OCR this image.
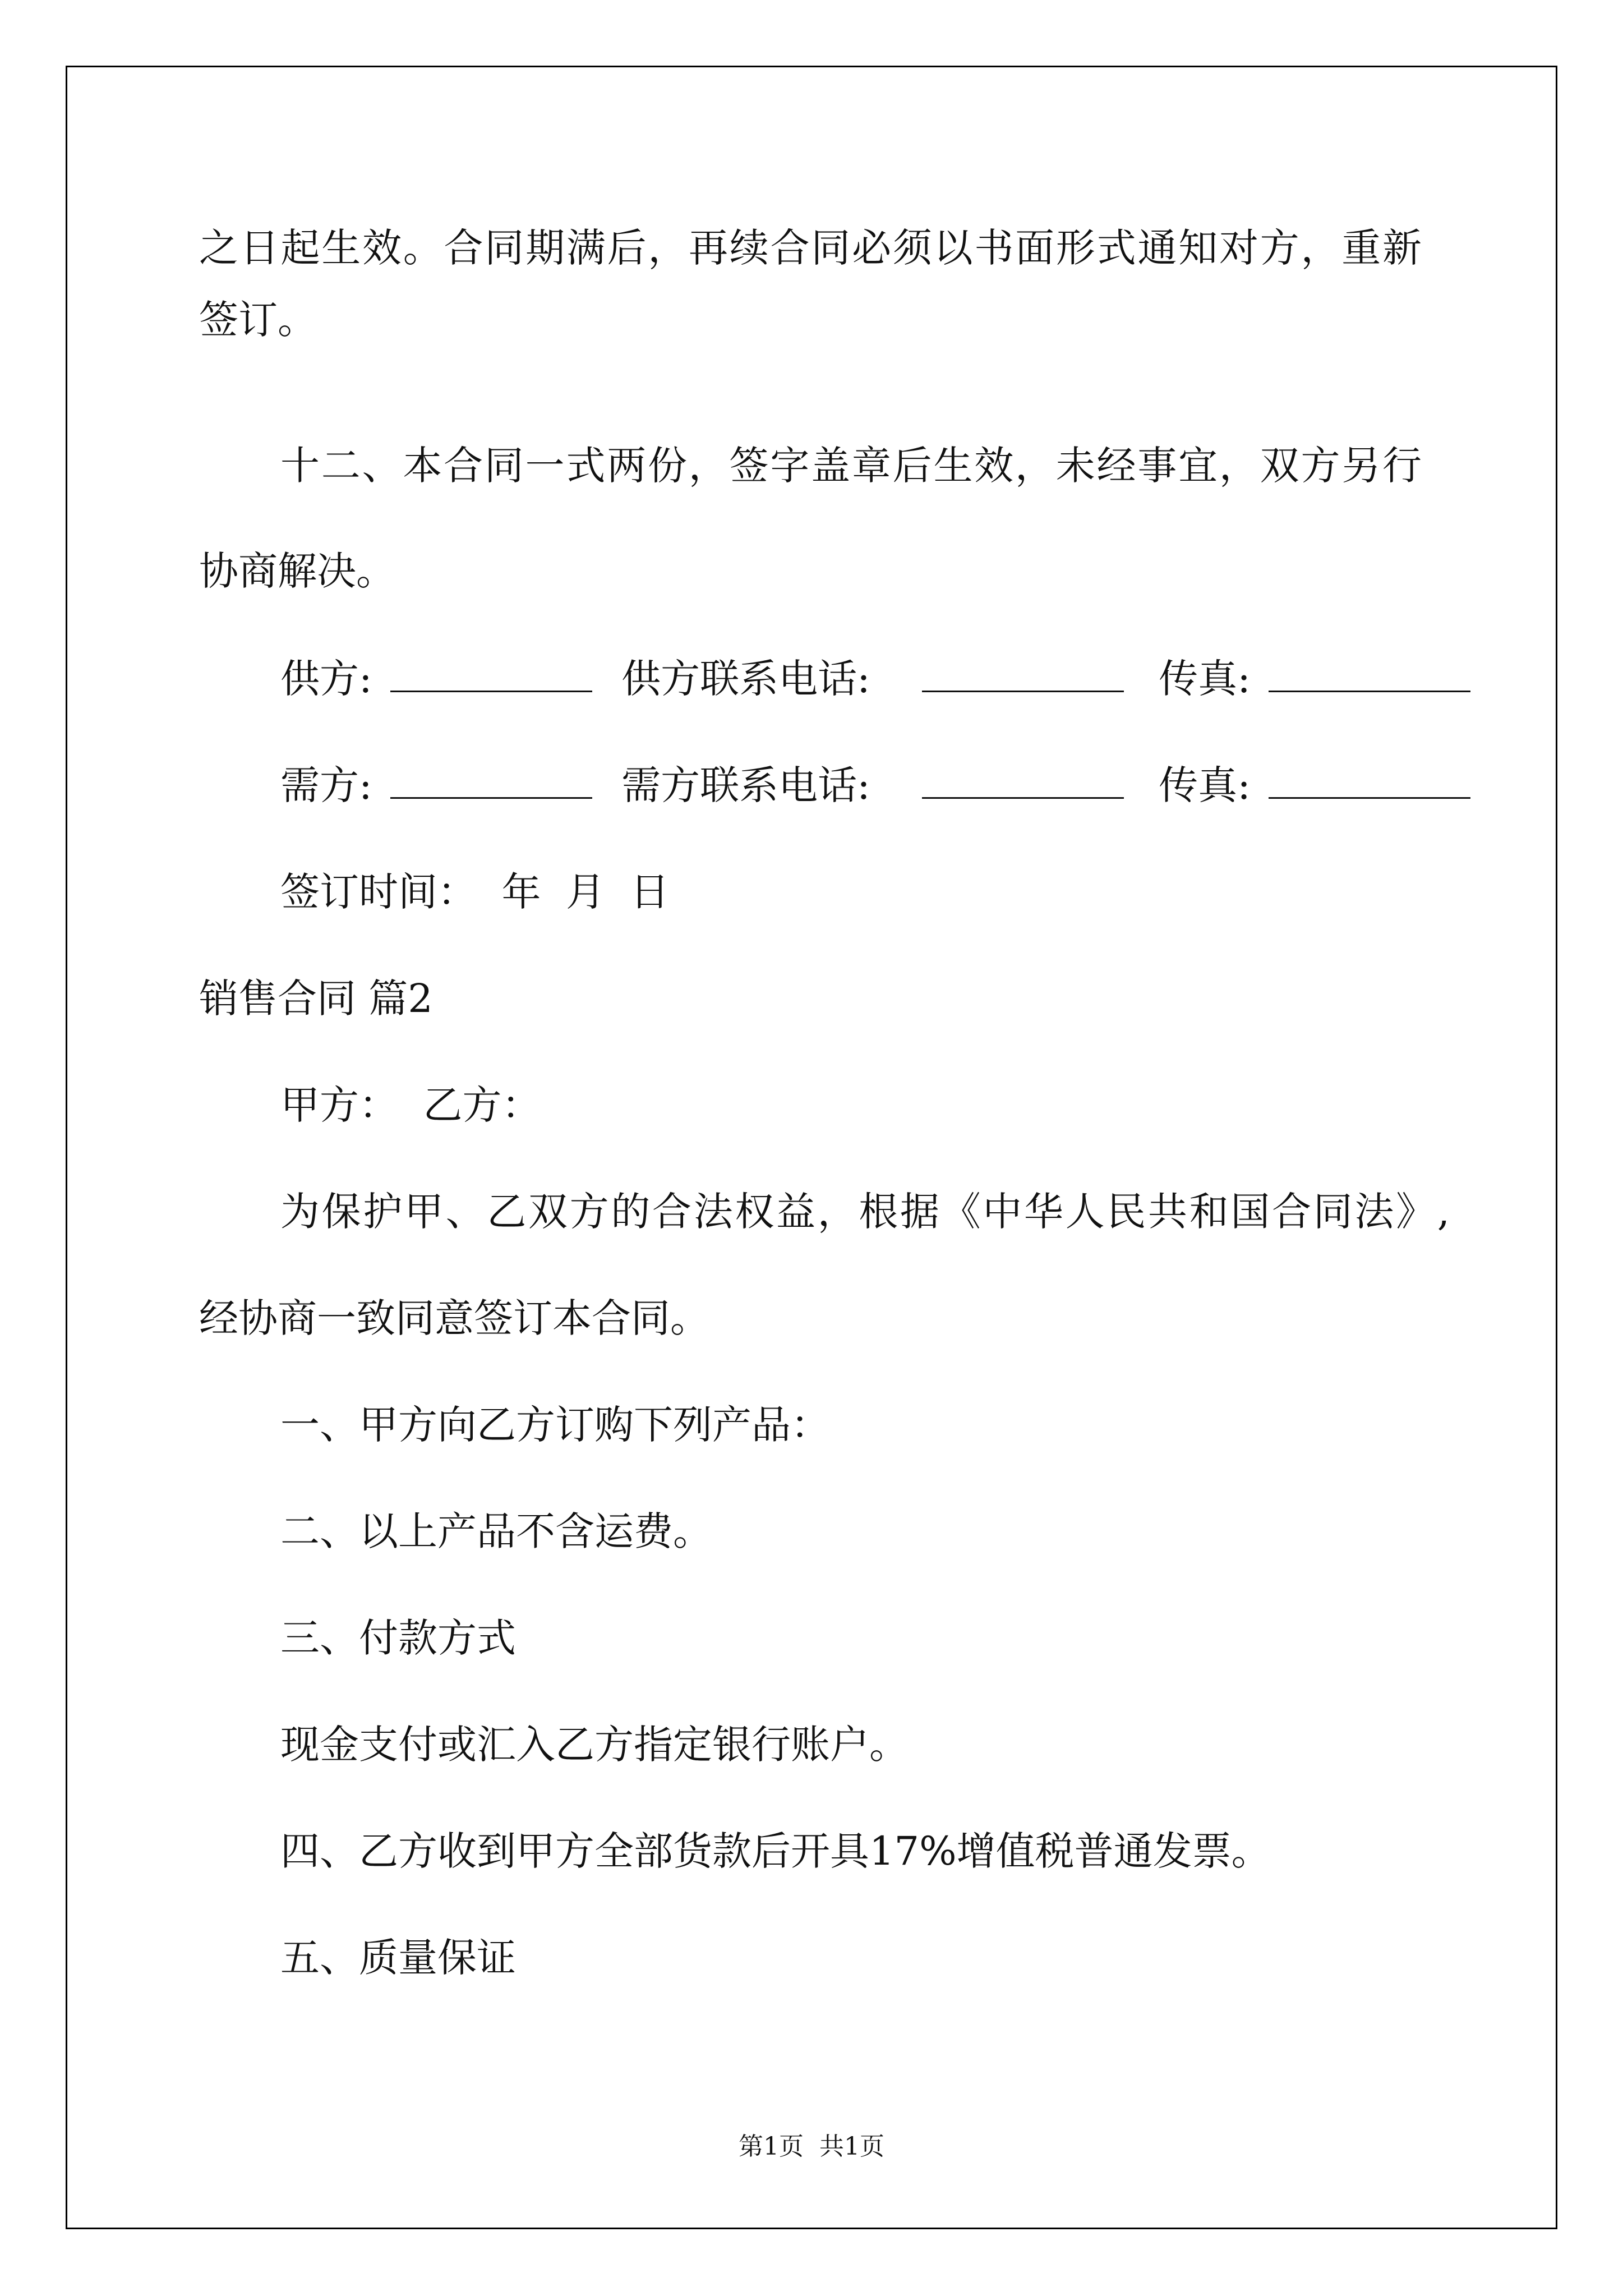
之日起生效。合同期满后，再续合同必须以书面形式通知对方，重新

签订。

十二、本合同一式两份，签字盖章后生效，未经事宜，双方另行

协商解决。

供方:	供方联系电话:	传真:
需方:	需方联系电话:	传真:

签订时间：  年  月  日

销售合同 篇2

甲方：  乙方：

为保护甲、乙双方的合法权益，根据《中华人民共和国合同法》,

经协商一致同意签订本合同。

一、甲方向乙方订购下列产品：

二、以上产品不含运费。

三、付款方式

现金支付或汇入乙方指定银行账户。

四、乙方收到甲方全部货款后开具17%增值税普通发票。

五、质量保证

第1页  共1页
